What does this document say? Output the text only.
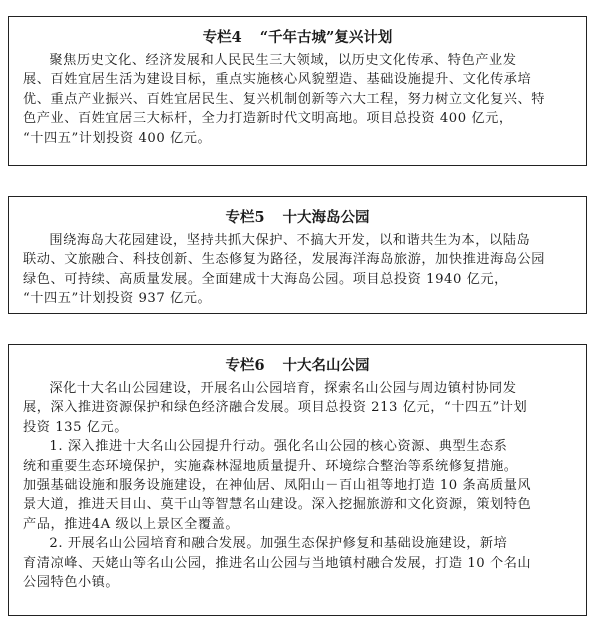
专栏4 “千年古城”复兴计划

聚焦历史文化、经济发展和人民民生三大领域，以历史文化传承、特色产业发
展、百姓宜居生活为建设目标，重点实施核心风貌塑造、基础设施提升、文化传承培
优、重点产业振兴、百姓宜居民生、复兴机制创新等六大工程，努力树立文化复兴、特
色产业、百姓宜居三大标杆，全力打造新时代文明高地。项目总投资 400 亿元，
“十四五”计划投资 400 亿元。

专栏5 十大海岛公园

围绕海岛大花园建设，坚持共抓大保护、不搞大开发，以和谐共生为本，以陆岛
联动、文旅融合、科技创新、生态修复为路径，发展海洋海岛旅游，加快推进海岛公园
绿色、可持续、高质量发展。全面建成十大海岛公园。项目总投资 1940 亿元，
“十四五”计划投资 937 亿元。

专栏6 十大名山公园

深化十大名山公园建设，开展名山公园培育，探索名山公园与周边镇村协同发
展，深入推进资源保护和绿色经济融合发展。项目总投资 213 亿元，“十四五”计划
投资 135 亿元。

1. 深入推进十大名山公园提升行动。强化名山公园的核心资源、典型生态系
统和重要生态环境保护，实施森林湿地质量提升、环境综合整治等系统修复措施。
加强基础设施和服务设施建设，在神仙居、凤阳山－百山祖等地打造 10 条高质量风
景大道，推进天目山、莫干山等智慧名山建设。深入挖掘旅游和文化资源，策划特色
产品，推进4A 级以上景区全覆盖。

2. 开展名山公园培育和融合发展。加强生态保护修复和基础设施建设，新培
育清凉峰、天姥山等名山公园，推进名山公园与当地镇村融合发展，打造 10 个名山
公园特色小镇。
